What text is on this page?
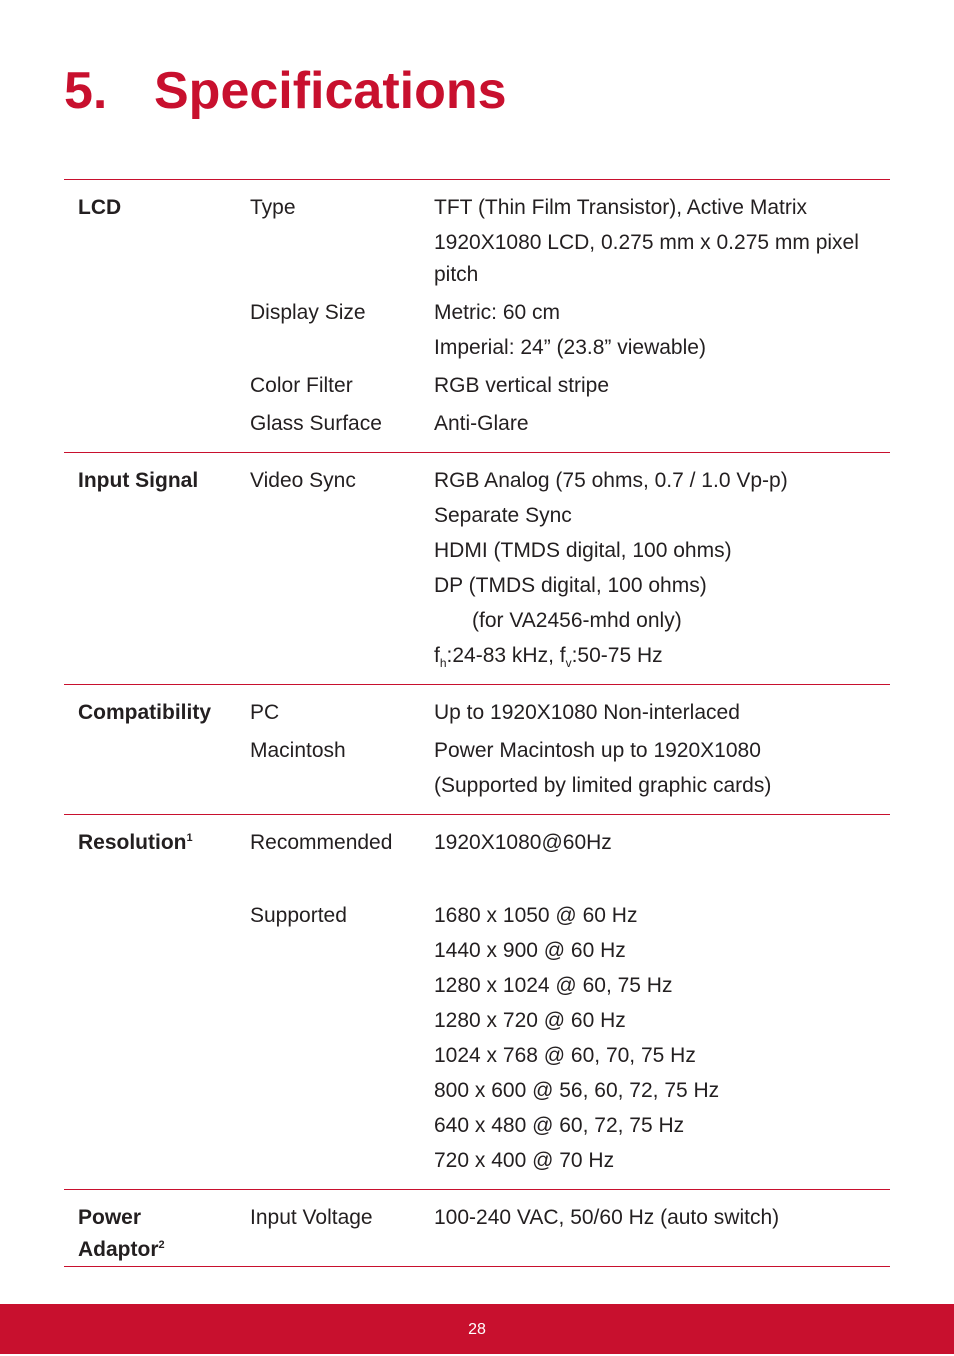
5. Specifications
LCD	Type	TFT (Thin Film Transistor), Active Matrix
1920X1080 LCD, 0.275 mm x 0.275 mm pixel pitch
Display Size	Metric: 60 cm
Imperial: 24” (23.8” viewable)
Color Filter	RGB vertical stripe
Glass Surface	Anti-Glare
Input Signal	Video Sync	RGB Analog (75 ohms, 0.7 / 1.0 Vp-p)
Separate Sync
HDMI (TMDS digital, 100 ohms)
DP (TMDS digital, 100 ohms)
(for VA2456-mhd only)
$f_h:24-83$ kHz, $f_v:50-75$ Hz
Compatibility	PC	Up to 1920X1080 Non-interlaced
Macintosh	Power Macintosh up to 1920X1080
(Supported by limited graphic cards)
Resolution$^1$	Recommended	1920X1080@60Hz
Supported	1680 x 1050 @ 60 Hz
1440 x 900 @ 60 Hz
1280 x 1024 @ 60, 75 Hz
1280 x 720 @ 60 Hz
1024 x 768 @ 60, 70, 75 Hz
800 x 600 @ 56, 60, 72, 75 Hz
640 x 480 @ 60, 72, 75 Hz
720 x 400 @ 70 Hz
Power
Adaptor$^2$
Input Voltage	100-240 VAC, 50/60 Hz (auto switch)
28
